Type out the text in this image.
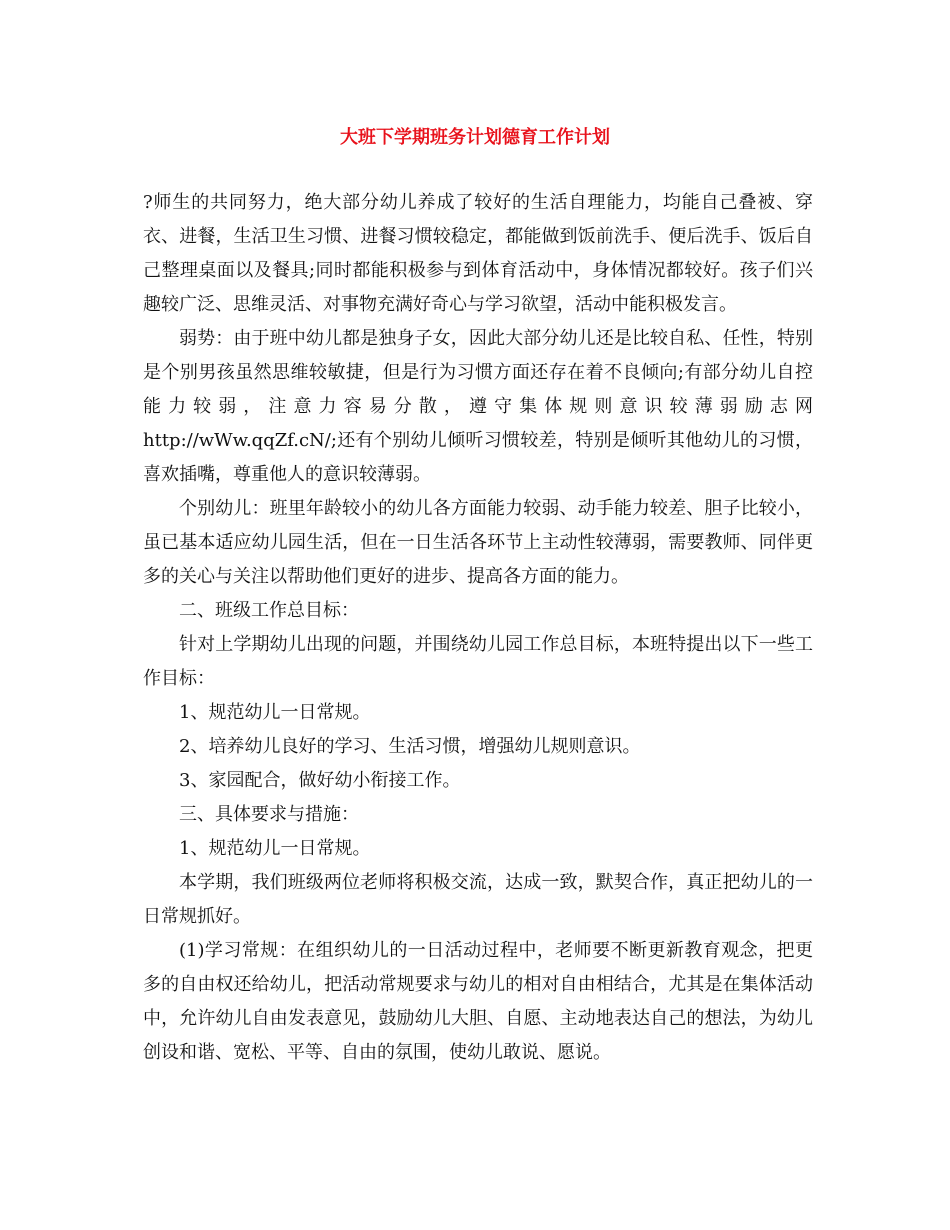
大班下学期班务计划德育工作计划

?师生的共同努力，绝大部分幼儿养成了较好的生活自理能力，均能自己叠被、穿衣、进餐，生活卫生习惯、进餐习惯较稳定，都能做到饭前洗手、便后洗手、饭后自己整理桌面以及餐具;同时都能积极参与到体育活动中，身体情况都较好。孩子们兴趣较广泛、思维灵活、对事物充满好奇心与学习欲望，活动中能积极发言。

弱势：由于班中幼儿都是独身子女，因此大部分幼儿还是比较自私、任性，特别是个别男孩虽然思维较敏捷，但是行为习惯方面还存在着不良倾向;有部分幼儿自控能力较弱，注意力容易分散，遵守集体规则意识较薄弱励志网 http://wWw.qqZf.cN/;还有个别幼儿倾听习惯较差，特别是倾听其他幼儿的习惯，喜欢插嘴，尊重他人的意识较薄弱。

个别幼儿：班里年龄较小的幼儿各方面能力较弱、动手能力较差、胆子比较小，虽已基本适应幼儿园生活，但在一日生活各环节上主动性较薄弱，需要教师、同伴更多的关心与关注以帮助他们更好的进步、提高各方面的能力。

二、班级工作总目标：

针对上学期幼儿出现的问题，并围绕幼儿园工作总目标，本班特提出以下一些工作目标：

1、规范幼儿一日常规。

2、培养幼儿良好的学习、生活习惯，增强幼儿规则意识。

3、家园配合，做好幼小衔接工作。

三、具体要求与措施：

1、规范幼儿一日常规。

本学期，我们班级两位老师将积极交流，达成一致，默契合作，真正把幼儿的一日常规抓好。

(1)学习常规：在组织幼儿的一日活动过程中，老师要不断更新教育观念，把更多的自由权还给幼儿，把活动常规要求与幼儿的相对自由相结合，尤其是在集体活动中，允许幼儿自由发表意见，鼓励幼儿大胆、自愿、主动地表达自己的想法，为幼儿创设和谐、宽松、平等、自由的氛围，使幼儿敢说、愿说。
